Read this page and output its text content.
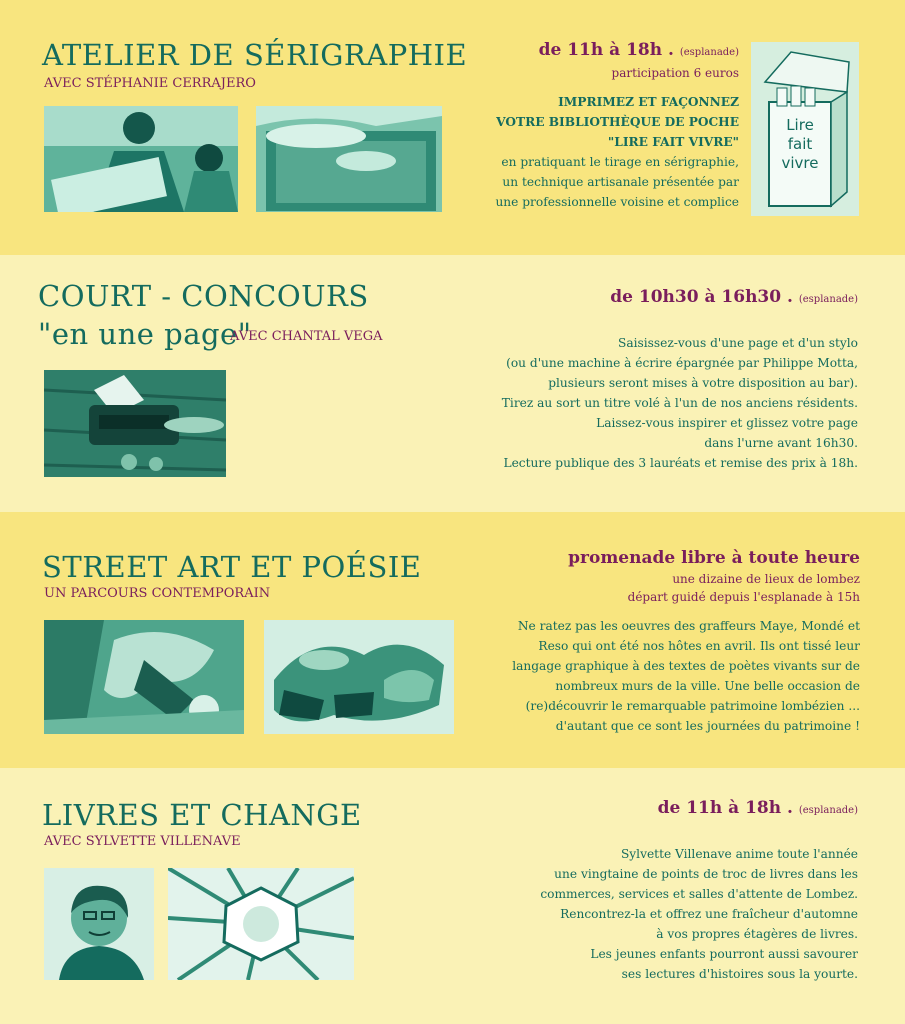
ATELIER DE SÉRIGRAPHIE
AVEC STÉPHANIE CERRAJERO
de 11h à 18h . (esplanade)
participation 6 euros
IMPRIMEZ ET FAÇONNEZ
VOTRE BIBLIOTHÈQUE DE POCHE
"LIRE FAIT VIVRE"
en pratiquant le tirage en sérigraphie,
un technique artisanale présentée par
une professionnelle voisine et complice
Lire
fait
vivre
COURT - CONCOURS
"en une page"
AVEC CHANTAL VEGA
de 10h30 à 16h30 . (esplanade)
Saisissez-vous d'une page et d'un stylo
(ou d'une machine à écrire épargnée par Philippe Motta,
plusieurs seront mises à votre disposition au bar).
Tirez au sort un titre volé à l'un de nos anciens résidents.
Laissez-vous inspirer et glissez votre page
dans l'urne avant 16h30.
Lecture publique des 3 lauréats et remise des prix à 18h.
STREET ART ET POÉSIE
UN PARCOURS CONTEMPORAIN
promenade libre à toute heure
une dizaine de lieux de lombez
départ guidé depuis l'esplanade à 15h
Ne ratez pas les oeuvres des graffeurs Maye, Mondé et
Reso qui ont été nos hôtes en avril. Ils ont tissé leur
langage graphique à des textes de poètes vivants sur de
nombreux murs de la ville. Une belle occasion de
(re)découvrir le remarquable patrimoine lombézien ...
d'autant que ce sont les journées du patrimoine !
LIVRES ET CHANGE
AVEC SYLVETTE VILLENAVE
de 11h à 18h . (esplanade)
Sylvette Villenave anime toute l'année
une vingtaine de points de troc de livres dans les
commerces, services et salles d'attente de Lombez.
Rencontrez-la et offrez une fraîcheur d'automne
à vos propres étagères de livres.
Les jeunes enfants pourront aussi savourer
ses lectures d'histoires sous la yourte.
